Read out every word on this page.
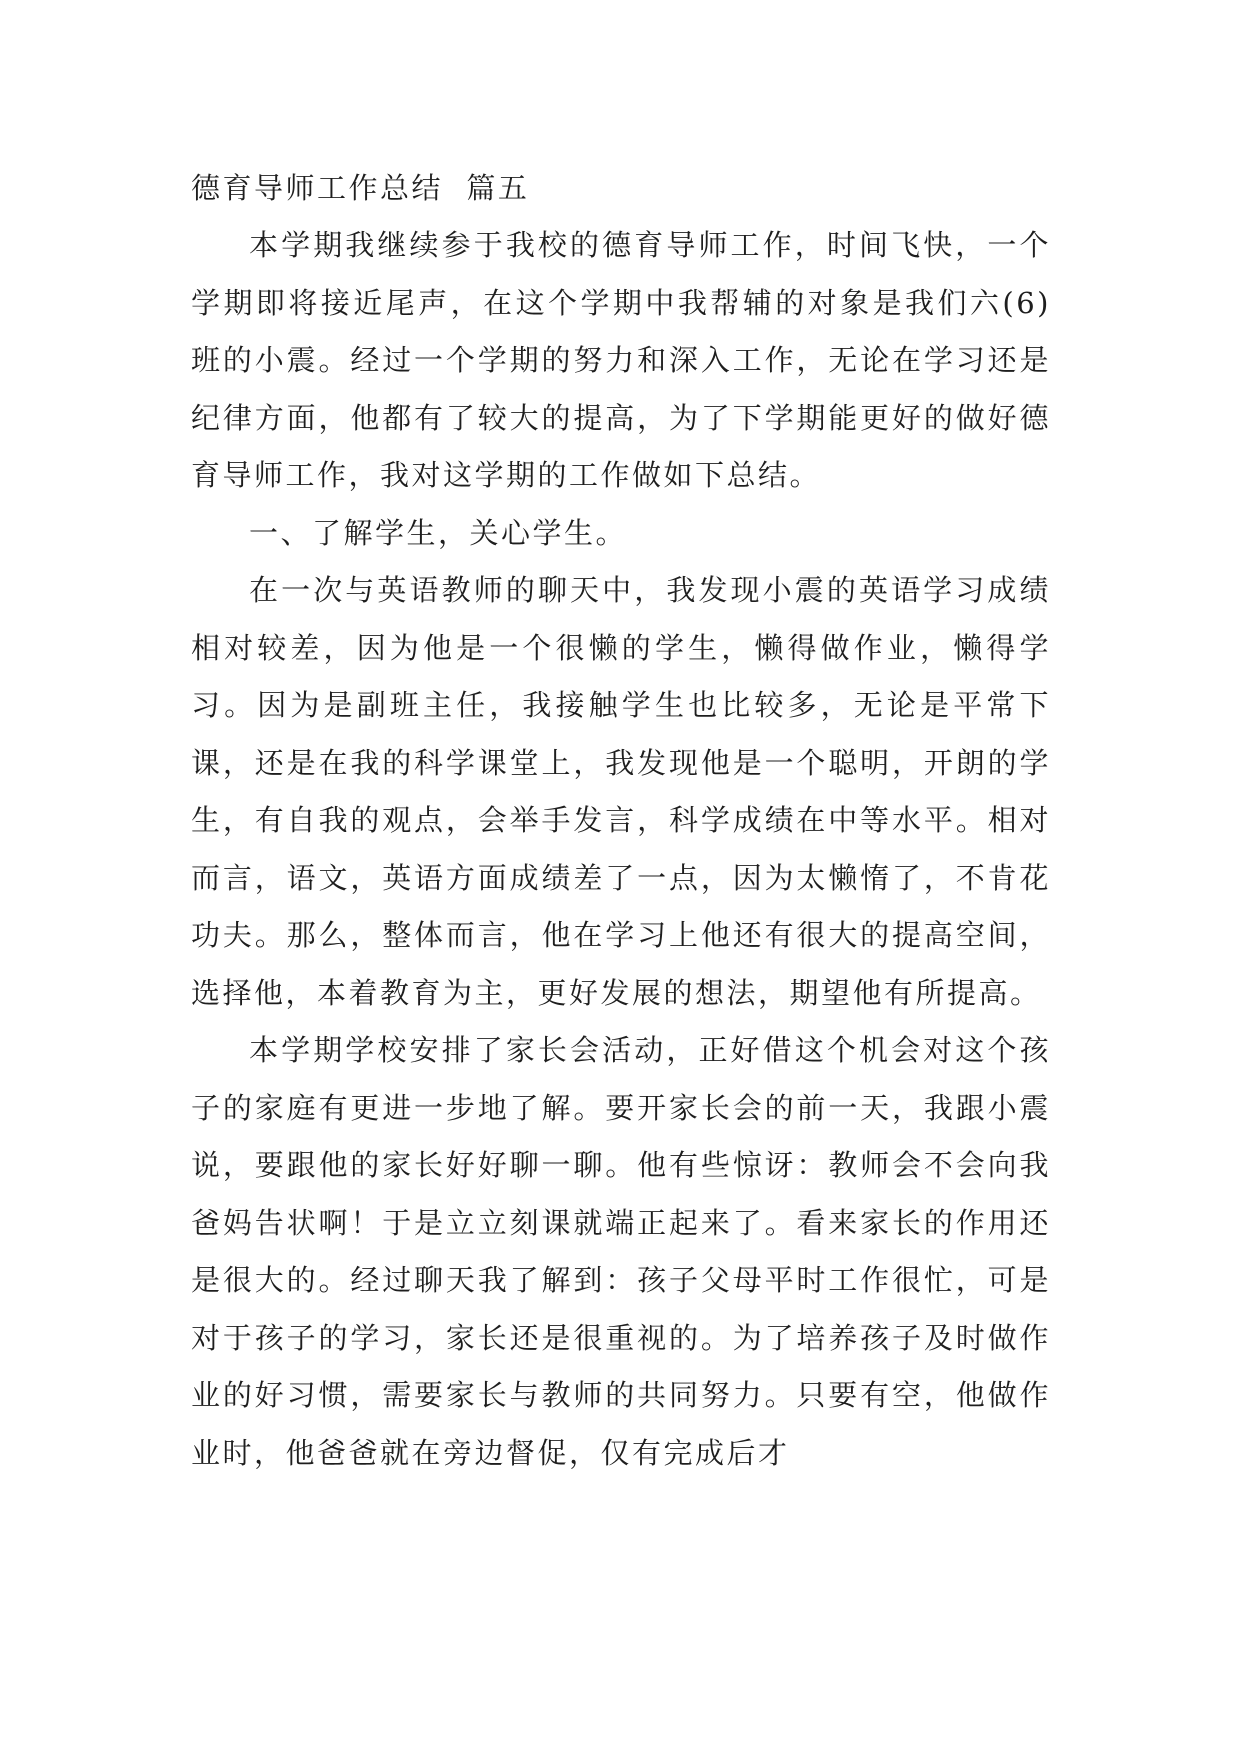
德育导师工作总结  篇五

本学期我继续参于我校的德育导师工作，时间飞快，一个学期即将接近尾声，在这个学期中我帮辅的对象是我们六(6)班的小震。经过一个学期的努力和深入工作，无论在学习还是纪律方面，他都有了较大的提高，为了下学期能更好的做好德育导师工作，我对这学期的工作做如下总结。

一、了解学生，关心学生。

在一次与英语教师的聊天中，我发现小震的英语学习成绩相对较差，因为他是一个很懒的学生，懒得做作业，懒得学习。因为是副班主任，我接触学生也比较多，无论是平常下课，还是在我的科学课堂上，我发现他是一个聪明，开朗的学生，有自我的观点，会举手发言，科学成绩在中等水平。相对而言，语文，英语方面成绩差了一点，因为太懒惰了，不肯花功夫。那么，整体而言，他在学习上他还有很大的提高空间，选择他，本着教育为主，更好发展的想法，期望他有所提高。

本学期学校安排了家长会活动，正好借这个机会对这个孩子的家庭有更进一步地了解。要开家长会的前一天，我跟小震说，要跟他的家长好好聊一聊。他有些惊讶：教师会不会向我爸妈告状啊！于是立立刻课就端正起来了。看来家长的作用还是很大的。经过聊天我了解到：孩子父母平时工作很忙，可是对于孩子的学习，家长还是很重视的。为了培养孩子及时做作业的好习惯，需要家长与教师的共同努力。只要有空，他做作业时，他爸爸就在旁边督促，仅有完成后才
